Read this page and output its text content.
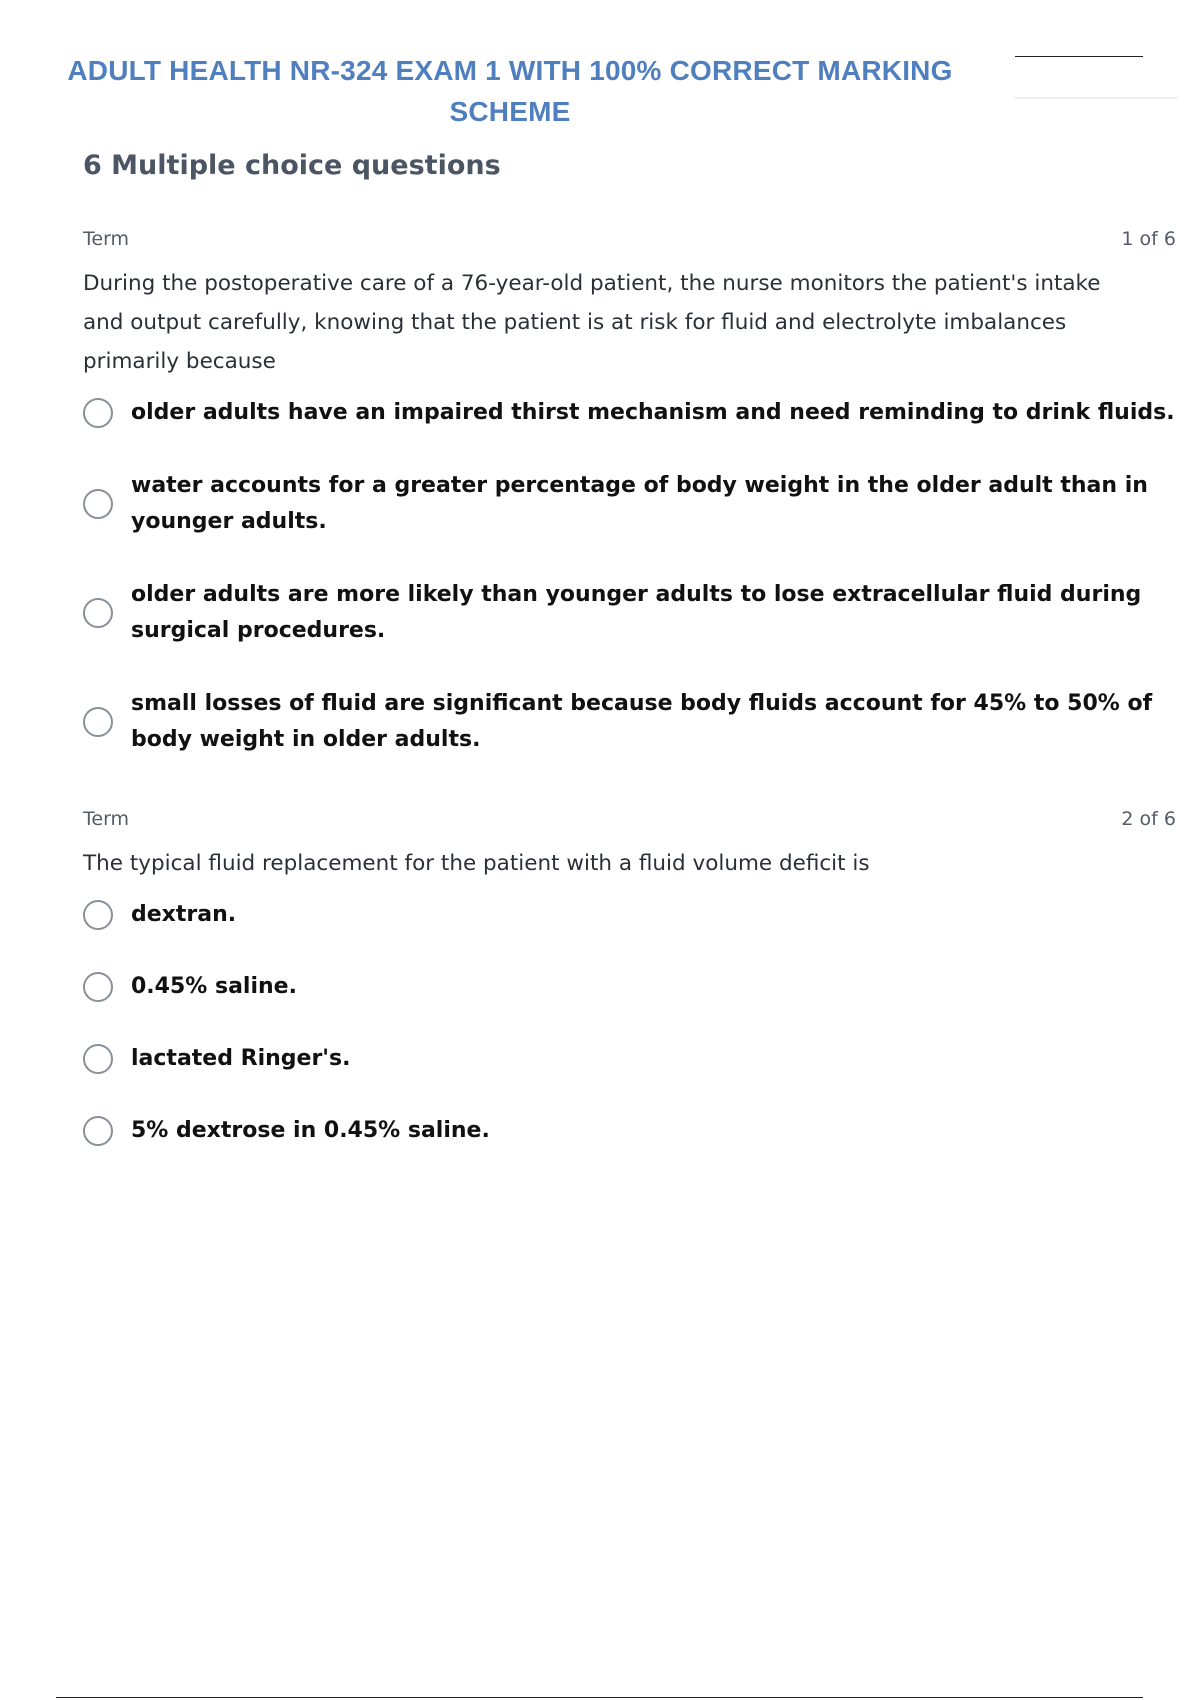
ADULT HEALTH NR-324 EXAM 1 WITH 100% CORRECT MARKING SCHEME
6 Multiple choice questions
Term	1 of 6
During the postoperative care of a 76-year-old patient, the nurse monitors the patient's intake and output carefully, knowing that the patient is at risk for fluid and electrolyte imbalances primarily because
older adults have an impaired thirst mechanism and need reminding to drink fluids.
water accounts for a greater percentage of body weight in the older adult than in younger adults.
older adults are more likely than younger adults to lose extracellular fluid during surgical procedures.
small losses of fluid are significant because body fluids account for 45% to 50% of body weight in older adults.
Term	2 of 6
The typical fluid replacement for the patient with a fluid volume deficit is
dextran.
0.45% saline.
lactated Ringer's.
5% dextrose in 0.45% saline.
